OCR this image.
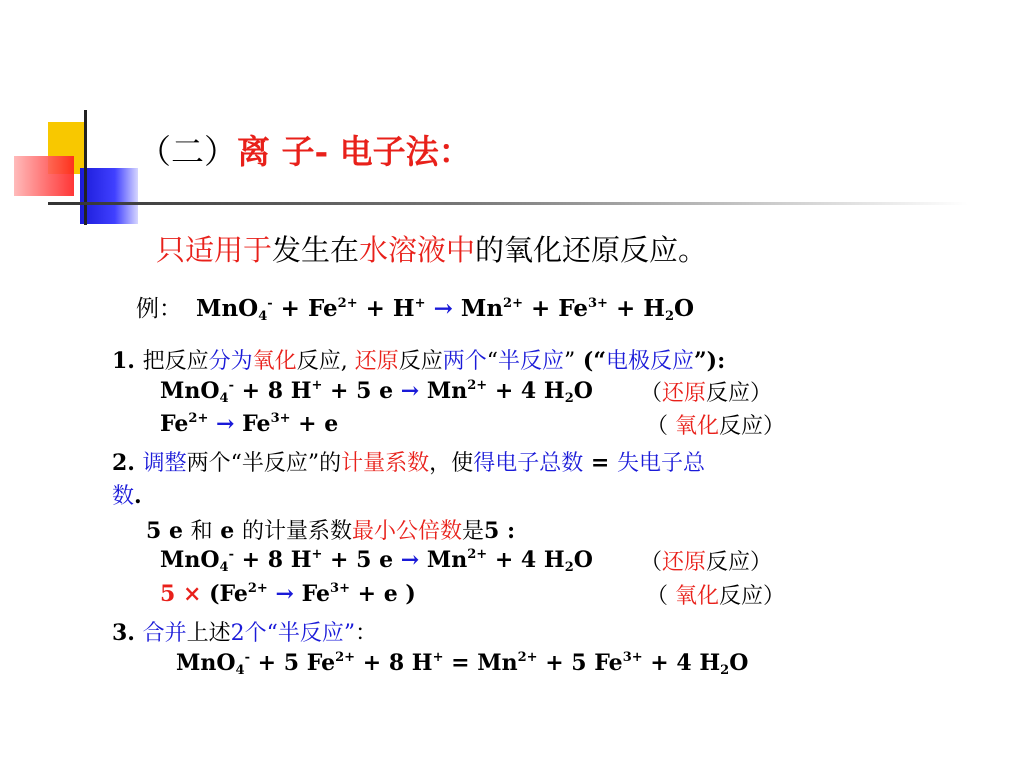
（二）离 子- 电子法：
只适用于发生在水溶液中的氧化还原反应。
例： $MnO_4^- + Fe^{2+} + H^+ \to Mn^{2+} + Fe^{3+} + H_2O$
1. 把反应分为氧化反应, 还原反应两个“半反应” (“电极反应”):
MnO$_4$- + 8 H+ + 5 $e \to Mn^{2+} + 4$ $H_2O$ （还原反应）
$Fe^{2+} \to Fe^{3+} + e$	（ 氧化反应）
2. 调整两个“半反应”的计量系数，使得电子总数 = 失电子总
数.
5 e 和 e 的计量系数最小公倍数是5 :
MnO$_4$- + 8 H+ + 5 $e \to Mn^{2+} + 4$ $H_2O$ （还原反应）
$5 \times (Fe^{2+} \to Fe^{3+} + e$ )	（ 氧化反应）
3. 合并上述2个“半反应”：
MnO$_4$- + 5 $Fe^{2+} + 8$ $H^+ = Mn^{2+} + 5$ $Fe^{3+} + 4$ $H_2O$
